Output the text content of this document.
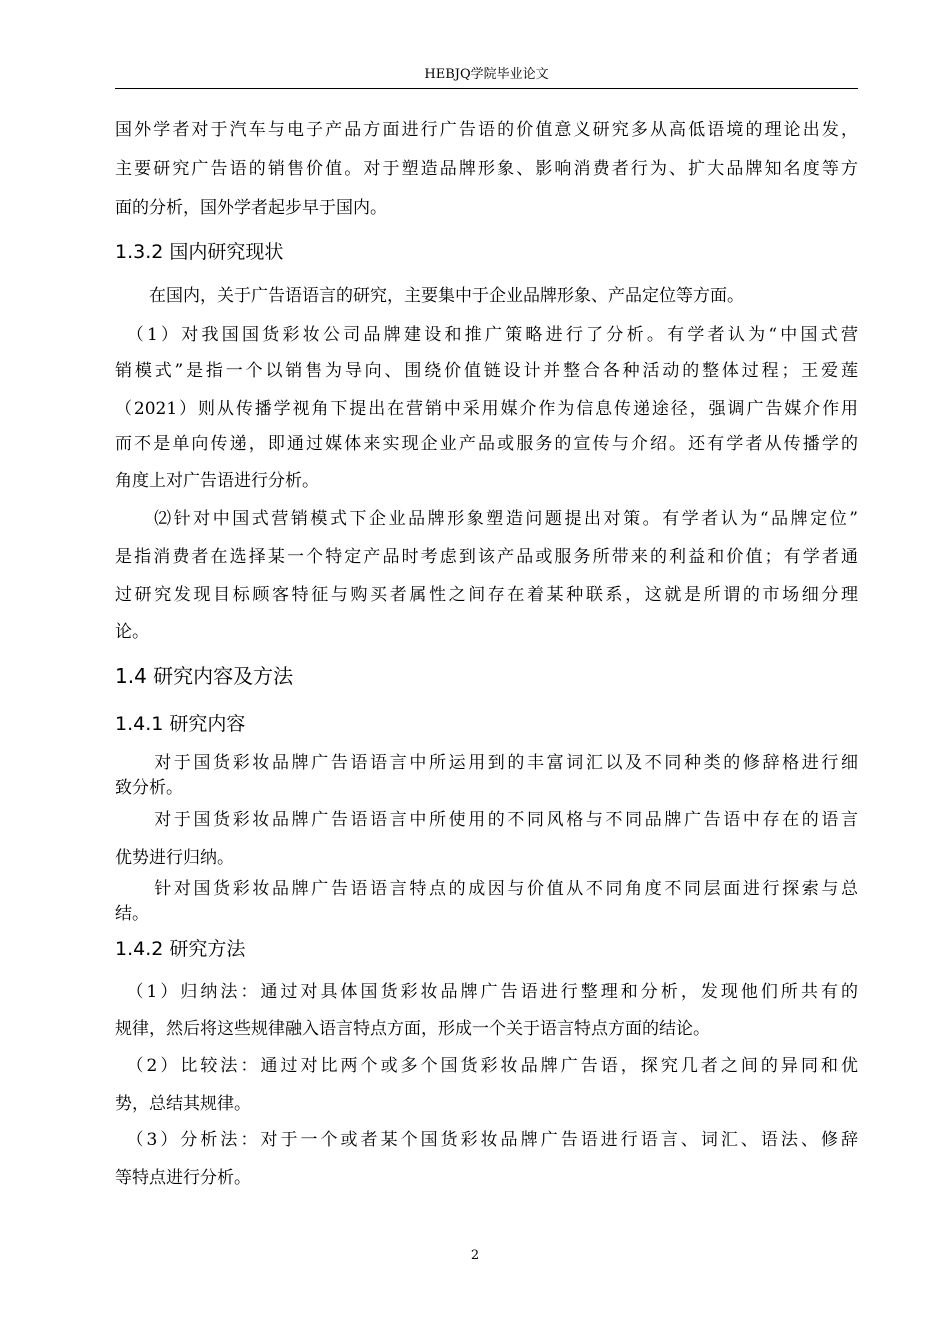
HEBJQ学院毕业论文
国外学者对于汽车与电子产品方面进行广告语的价值意义研究多从高低语境的理论出发，
主要研究广告语的销售价值。对于塑造品牌形象、影响消费者行为、扩大品牌知名度等方
面的分析，国外学者起步早于国内。
1.3.2 国内研究现状
　　在国内，关于广告语语言的研究，主要集中于企业品牌形象、产品定位等方面。
　（1）对我国国货彩妆公司品牌建设和推广策略进行了分析。有学者认为“中国式营
销模式”是指一个以销售为导向、围绕价值链设计并整合各种活动的整体过程；王爱莲
（2021）则从传播学视角下提出在营销中采用媒介作为信息传递途径，强调广告媒介作用
而不是单向传递，即通过媒体来实现企业产品或服务的宣传与介绍。还有学者从传播学的
角度上对广告语进行分析。
　　⑵针对中国式营销模式下企业品牌形象塑造问题提出对策。有学者认为“品牌定位”
是指消费者在选择某一个特定产品时考虑到该产品或服务所带来的利益和价值；有学者通
过研究发现目标顾客特征与购买者属性之间存在着某种联系，这就是所谓的市场细分理
论。
1.4 研究内容及方法
1.4.1 研究内容
　　对于国货彩妆品牌广告语语言中所运用到的丰富词汇以及不同种类的修辞格进行细
致分析。
　　对于国货彩妆品牌广告语语言中所使用的不同风格与不同品牌广告语中存在的语言
优势进行归纳。
　　针对国货彩妆品牌广告语语言特点的成因与价值从不同角度不同层面进行探索与总
结。
1.4.2 研究方法
　（1）归纳法：通过对具体国货彩妆品牌广告语进行整理和分析，发现他们所共有的
规律，然后将这些规律融入语言特点方面，形成一个关于语言特点方面的结论。
　（2）比较法：通过对比两个或多个国货彩妆品牌广告语，探究几者之间的异同和优
势，总结其规律。
　（3）分析法：对于一个或者某个国货彩妆品牌广告语进行语言、词汇、语法、修辞
等特点进行分析。
2
